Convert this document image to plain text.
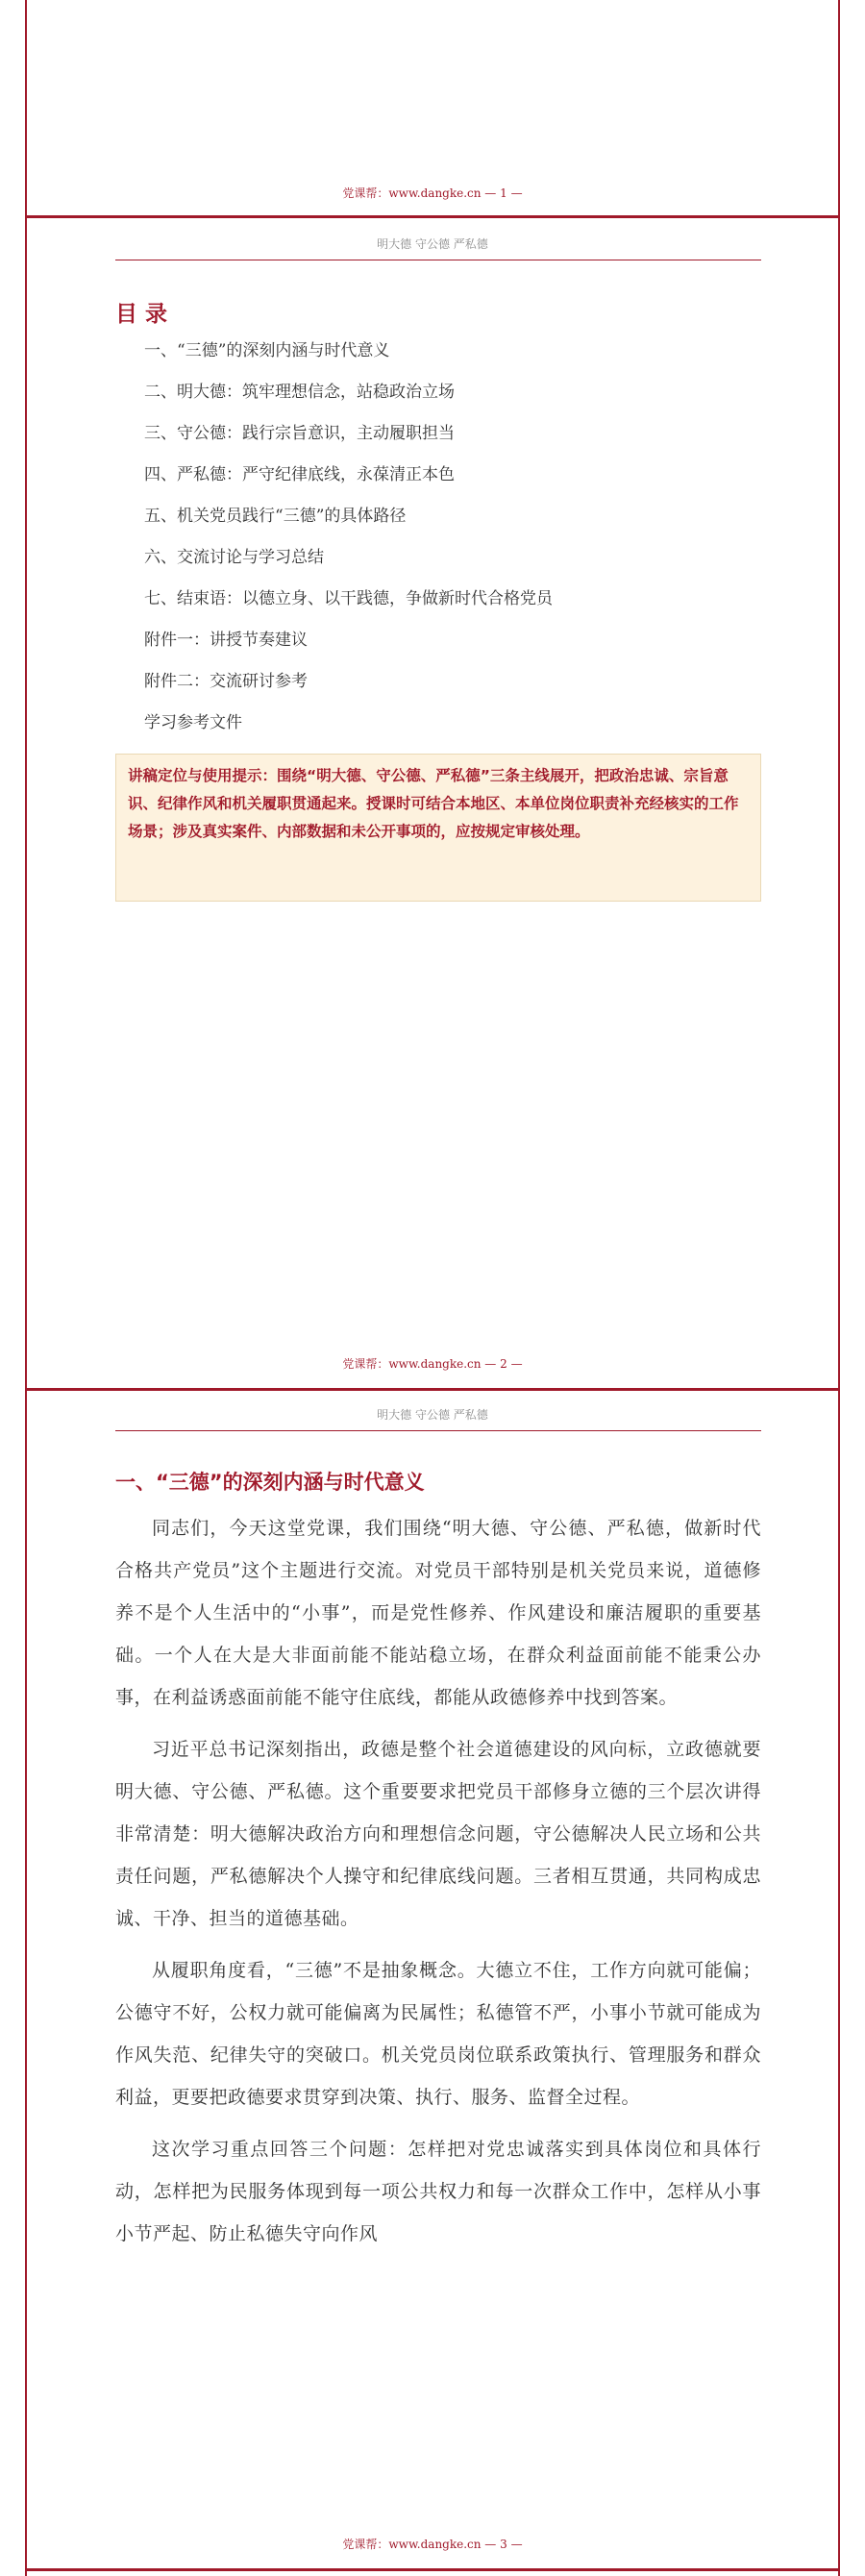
党课帮：www.dangke.cn — 1 —
明大德 守公德 严私德
目 录
一、“三德”的深刻内涵与时代意义
二、明大德：筑牢理想信念，站稳政治立场
三、守公德：践行宗旨意识，主动履职担当
四、严私德：严守纪律底线，永葆清正本色
五、机关党员践行“三德”的具体路径
六、交流讨论与学习总结
七、结束语：以德立身、以干践德，争做新时代合格党员
附件一：讲授节奏建议
附件二：交流研讨参考
学习参考文件
讲稿定位与使用提示：围绕“明大德、守公德、严私德”三条主线展开，把政治忠诚、宗旨意识、纪律作风和机关履职贯通起来。授课时可结合本地区、本单位岗位职责补充经核实的工作场景；涉及真实案件、内部数据和未公开事项的，应按规定审核处理。
党课帮：www.dangke.cn — 2 —
明大德 守公德 严私德
一、“三德”的深刻内涵与时代意义

同志们，今天这堂党课，我们围绕“明大德、守公德、严私德，做新时代合格共产党员”这个主题进行交流。对党员干部特别是机关党员来说，道德修养不是个人生活中的“小事”，而是党性修养、作风建设和廉洁履职的重要基础。一个人在大是大非面前能不能站稳立场，在群众利益面前能不能秉公办事，在利益诱惑面前能不能守住底线，都能从政德修养中找到答案。

习近平总书记深刻指出，政德是整个社会道德建设的风向标，立政德就要明大德、守公德、严私德。这个重要要求把党员干部修身立德的三个层次讲得非常清楚：明大德解决政治方向和理想信念问题，守公德解决人民立场和公共责任问题，严私德解决个人操守和纪律底线问题。三者相互贯通，共同构成忠诚、干净、担当的道德基础。

从履职角度看，“三德”不是抽象概念。大德立不住，工作方向就可能偏；公德守不好，公权力就可能偏离为民属性；私德管不严，小事小节就可能成为作风失范、纪律失守的突破口。机关党员岗位联系政策执行、管理服务和群众利益，更要把政德要求贯穿到决策、执行、服务、监督全过程。

这次学习重点回答三个问题：怎样把对党忠诚落实到具体岗位和具体行动，怎样把为民服务体现到每一项公共权力和每一次群众工作中，怎样从小事小节严起、防止私德失守向作风

党课帮：www.dangke.cn — 3 —
